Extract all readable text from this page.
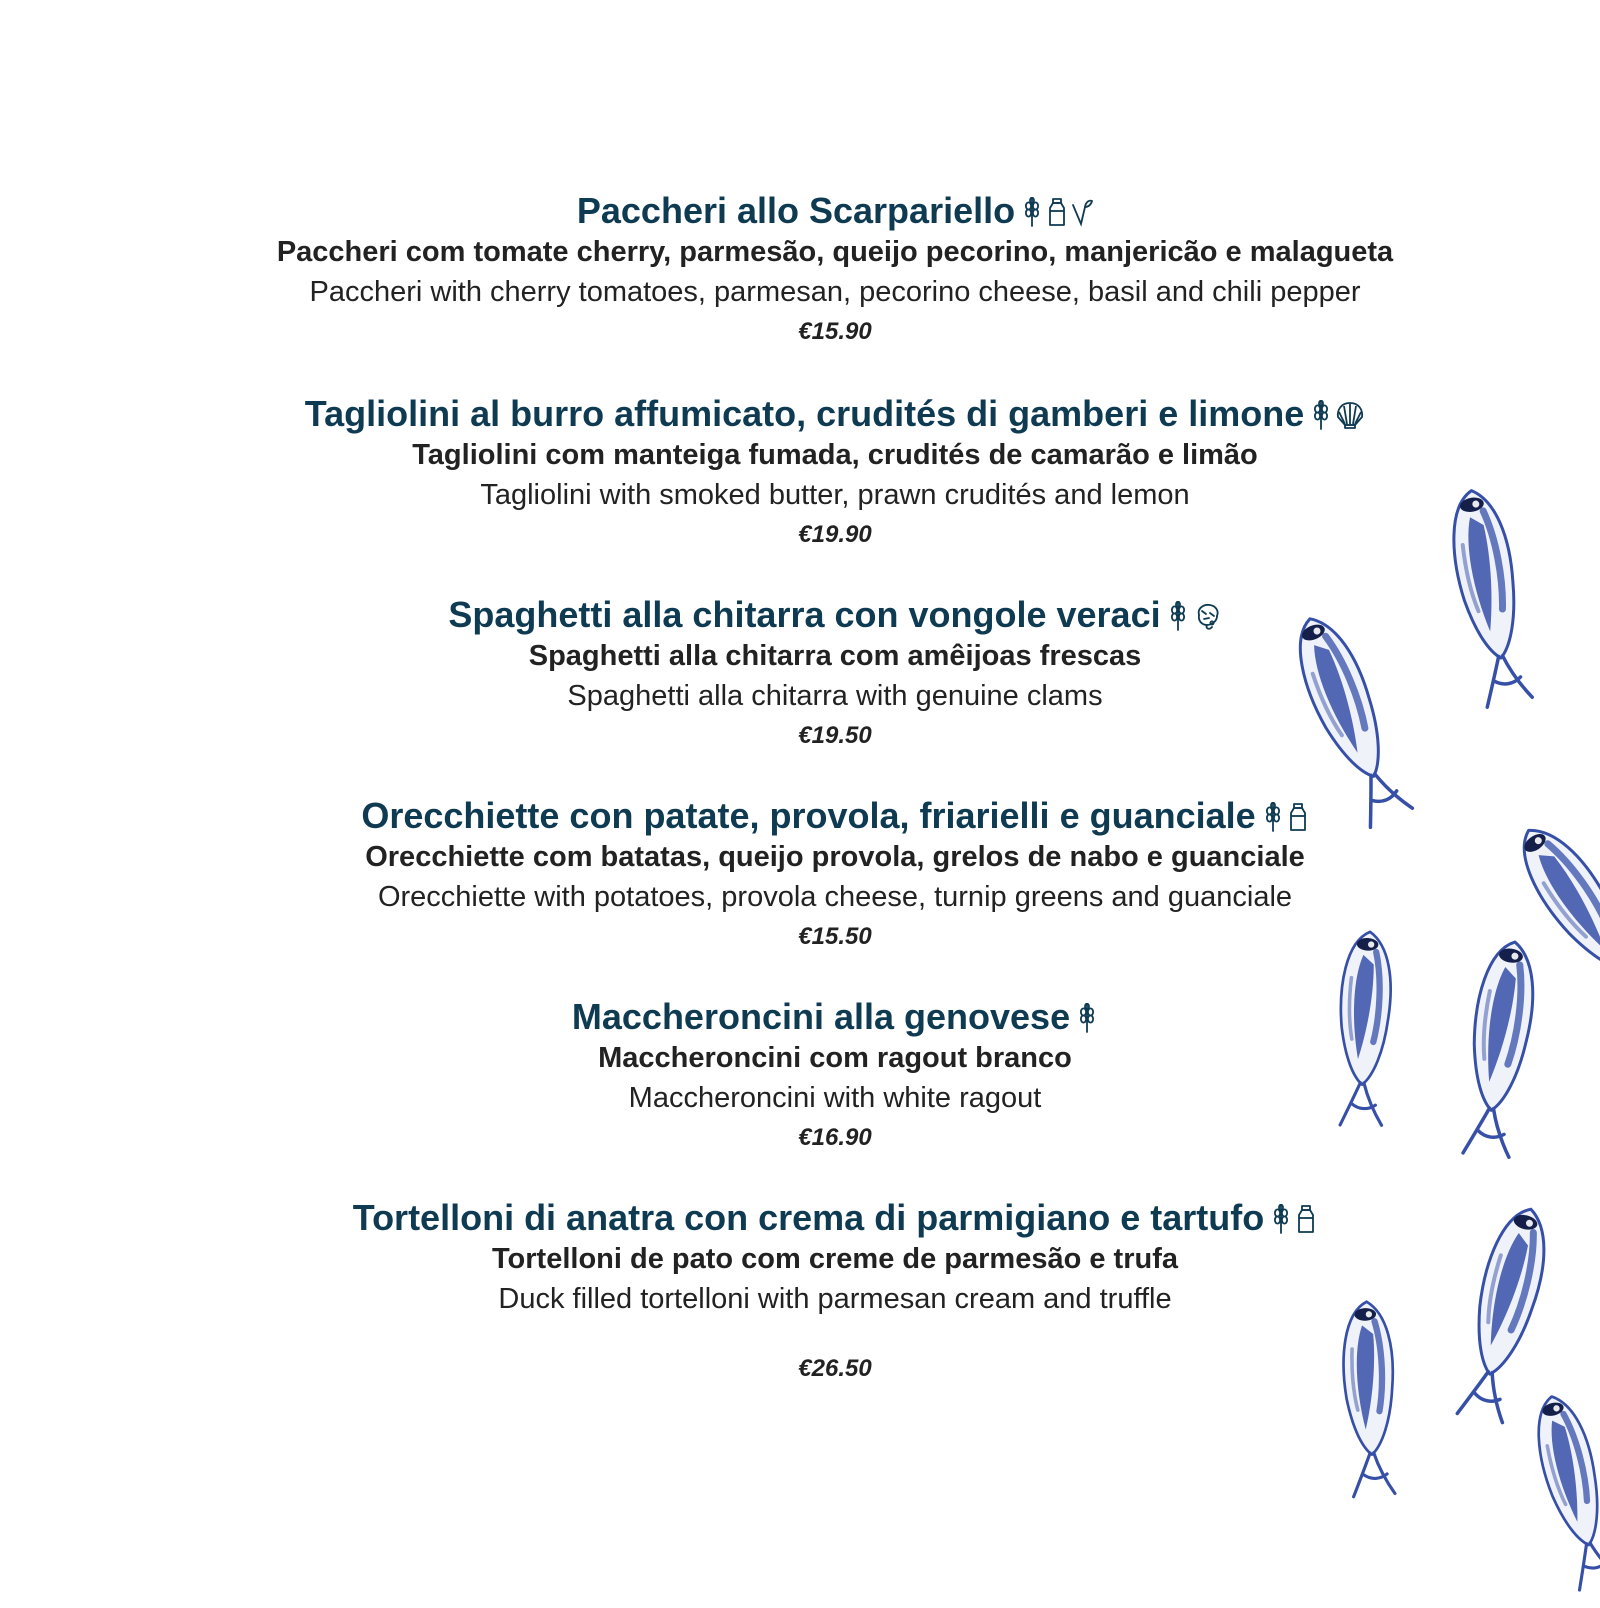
Paccheri allo Scarpariello
Paccheri com tomate cherry, parmesão, queijo pecorino, manjericão e malagueta
Paccheri with cherry tomatoes, parmesan, pecorino cheese, basil and chili pepper
€15.90
Tagliolini al burro affumicato, crudités di gamberi e limone
Tagliolini com manteiga fumada, crudités de camarão e limão
Tagliolini with smoked butter, prawn crudités and lemon
€19.90
Spaghetti alla chitarra con vongole veraci
Spaghetti alla chitarra com amêijoas frescas
Spaghetti alla chitarra with genuine clams
€19.50
Orecchiette con patate, provola, friarielli e guanciale
Orecchiette com batatas, queijo provola, grelos de nabo e guanciale
Orecchiette with potatoes, provola cheese, turnip greens and guanciale
€15.50
Maccheroncini alla genovese
Maccheroncini com ragout branco
Maccheroncini with white ragout
€16.90
Tortelloni di anatra con crema di parmigiano e tartufo
Tortelloni de pato com creme de parmesão e trufa
Duck filled tortelloni with parmesan cream and truffle
€26.50
